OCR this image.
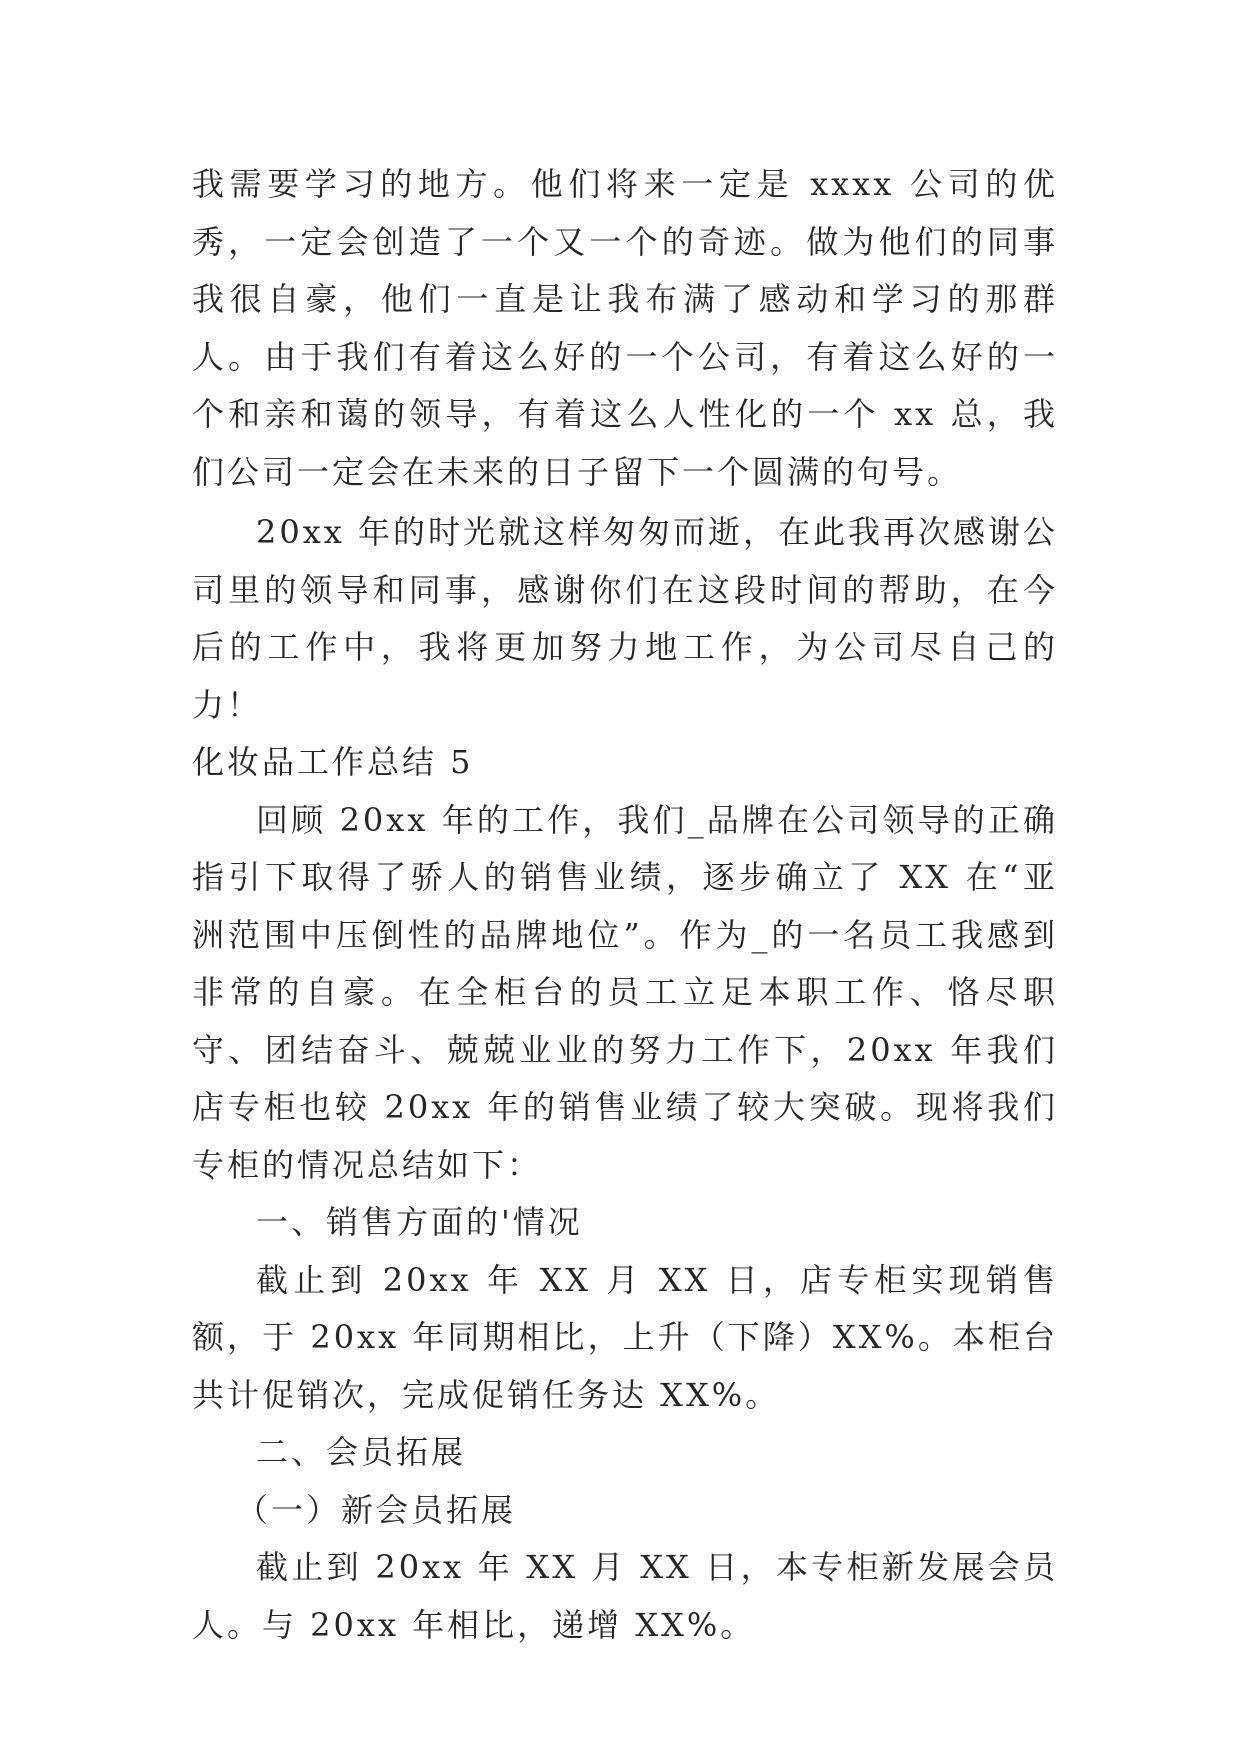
我需要学习的地方。他们将来一定是 xxxx 公司的优秀，一定会创造了一个又一个的奇迹。做为他们的同事我很自豪，他们一直是让我布满了感动和学习的那群人。由于我们有着这么好的一个公司，有着这么好的一个和亲和蔼的领导，有着这么人性化的一个 xx 总，我们公司一定会在未来的日子留下一个圆满的句号。

20xx 年的时光就这样匆匆而逝，在此我再次感谢公司里的领导和同事，感谢你们在这段时间的帮助，在今后的工作中，我将更加努力地工作，为公司尽自己的力！

化妆品工作总结 5

回顾 20xx 年的工作，我们_品牌在公司领导的正确指引下取得了骄人的销售业绩，逐步确立了 XX 在“亚洲范围中压倒性的品牌地位”。作为_的一名员工我感到非常的自豪。在全柜台的员工立足本职工作、恪尽职守、团结奋斗、兢兢业业的努力工作下，20xx 年我们店专柜也较 20xx 年的销售业绩了较大突破。现将我们专柜的情况总结如下：

一、销售方面的'情况

截止到 20xx 年 XX 月 XX 日，店专柜实现销售额，于 20xx 年同期相比，上升（下降）XX%。本柜台共计促销次，完成促销任务达 XX%。

二、会员拓展

（一）新会员拓展

截止到 20xx 年 XX 月 XX 日，本专柜新发展会员人。与 20xx 年相比，递增 XX%。
